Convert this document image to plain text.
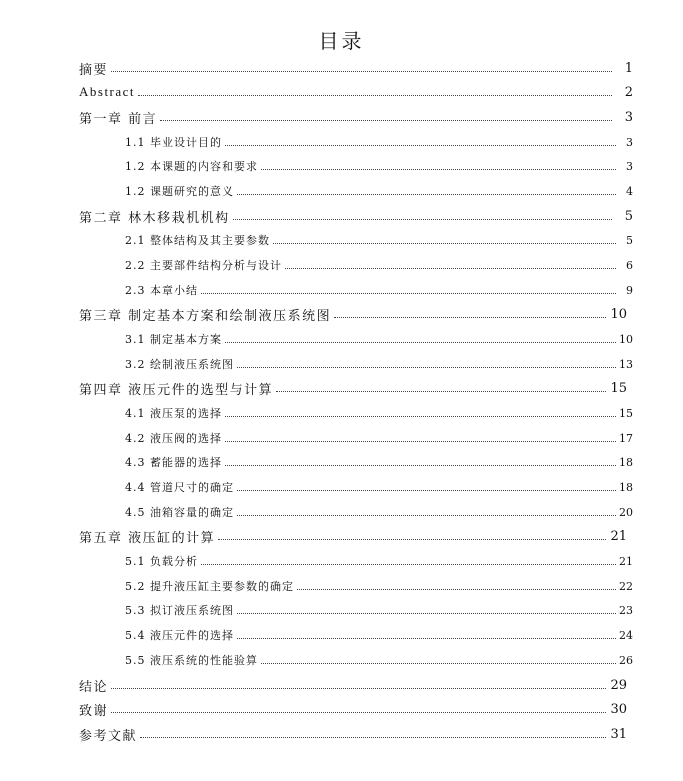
目录
摘要	1
Abstract	2
第一章 前言	3
1.1 毕业设计目的	3
1.2 本课题的内容和要求	3
1.2 课题研究的意义	4
第二章 林木移栽机机构	5
2.1 整体结构及其主要参数	5
2.2 主要部件结构分析与设计	6
2.3 本章小结	9
第三章 制定基本方案和绘制液压系统图	10
3.1 制定基本方案	10
3.2 绘制液压系统图	13
第四章 液压元件的选型与计算	15
4.1 液压泵的选择	15
4.2 液压阀的选择	17
4.3 蓄能器的选择	18
4.4 管道尺寸的确定	18
4.5 油箱容量的确定	20
第五章 液压缸的计算	21
5.1 负载分析	21
5.2 提升液压缸主要参数的确定	22
5.3 拟订液压系统图	23
5.4 液压元件的选择	24
5.5 液压系统的性能验算	26
结论	29
致谢	30
参考文献	31
